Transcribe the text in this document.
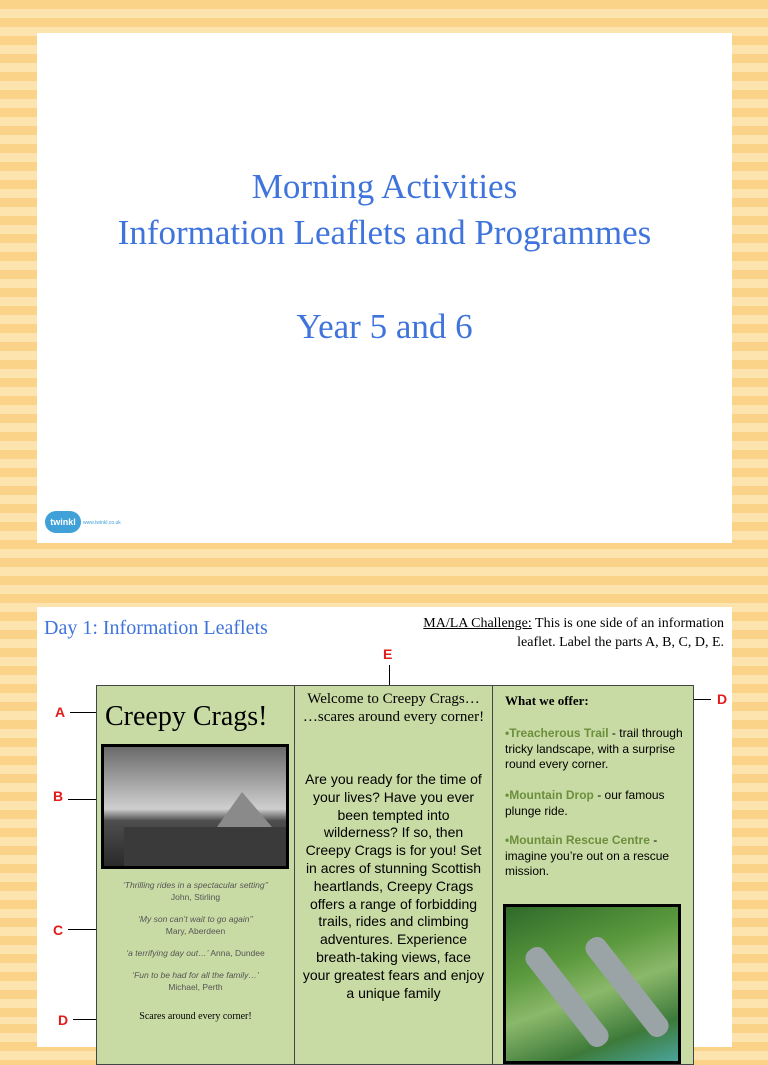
Morning Activities
Information Leaflets and Programmes
Year 5 and 6
twinkl www.twinkl.co.uk
Day 1: Information Leaflets	MA/LA Challenge: This is one side of an information
leaflet. Label the parts A, B, C, D, E.
E
A
B
C
D
D
Creepy Crags!
‘Thrilling rides in a spectacular setting’’
John, Stirling
‘My son can’t wait to go again’’
Mary, Aberdeen
‘a terrifying day out…’ Anna, Dundee
‘Fun to be had for all the family…’
Michael, Perth
Scares around every corner!
Welcome to Creepy Crags…
…scares around every corner!
Are you ready for the time of your lives? Have you ever been tempted into wilderness? If so, then Creepy Crags is for you! Set in acres of stunning Scottish heartlands, Creepy Crags offers a range of forbidding trails, rides and climbing adventures. Experience breath-taking views, face your greatest fears and enjoy a unique family
What we offer:
•Treacherous Trail - trail through tricky landscape, with a surprise round every corner.
•Mountain Drop - our famous plunge ride.
•Mountain Rescue Centre - imagine you’re out on a rescue mission.
